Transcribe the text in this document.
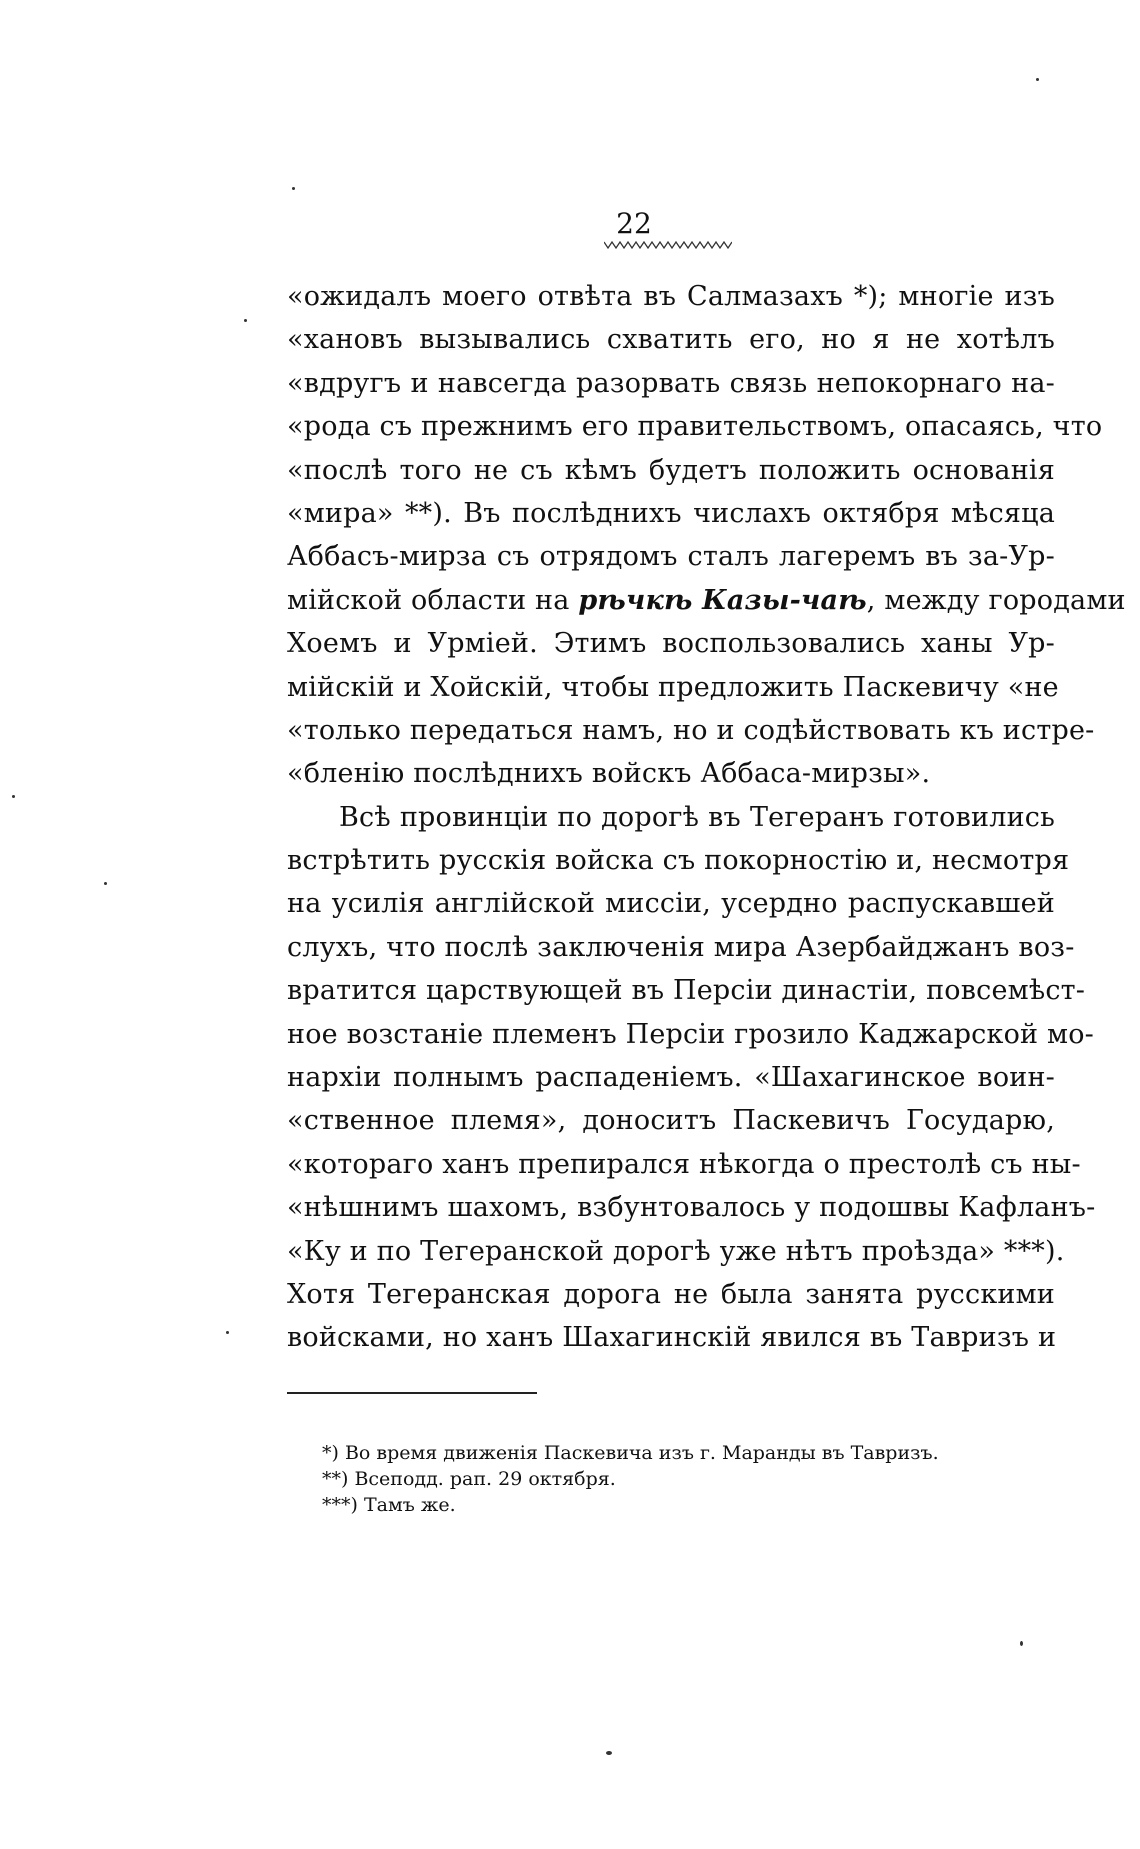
22
«ожидалъ моего отвѣта въ Салмазахъ *); многіе изъ
«хановъ вызывались схватить его, но я не хотѣлъ
«вдругъ и навсегда разорвать связь непокорнаго на-
«рода съ прежнимъ его правительствомъ, опасаясь, что
«послѣ того не съ кѣмъ будетъ положить основанія
«мира» **). Въ послѣднихъ числахъ октября мѣсяца
Аббасъ-мирза съ отрядомъ сталъ лагеремъ въ за-Ур-
мійской области на рѣчкѣ Казы-чаѣ, между городами
Хоемъ и Урміей. Этимъ воспользовались ханы Ур-
мійскій и Хойскій, чтобы предложить Паскевичу «не
«только передаться намъ, но и содѣйствовать къ истре-
«бленію послѣднихъ войскъ Аббаса-мирзы».
Всѣ провинціи по дорогѣ въ Тегеранъ готовились
встрѣтить русскія войска съ покорностію и, несмотря
на усилія англійской миссіи, усердно распускавшей
слухъ, что послѣ заключенія мира Азербайджанъ воз-
вратится царствующей въ Персіи династіи, повсемѣст-
ное возстаніе племенъ Персіи грозило Каджарской мо-
нархіи полнымъ распаденіемъ. «Шахагинское воин-
«ственное племя», доноситъ Паскевичъ Государю,
«котораго ханъ препирался нѣкогда о престолѣ съ ны-
«нѣшнимъ шахомъ, взбунтовалось у подошвы Кафланъ-
«Ку и по Тегеранской дорогѣ уже нѣтъ проѣзда» ***).
Хотя Тегеранская дорога не была занята русскими
войсками, но ханъ Шахагинскій явился въ Тавризъ и
*) Во время движенія Паскевича изъ г. Маранды въ Тавризъ.
**) Всеподд. рап. 29 октября.
***) Тамъ же.
